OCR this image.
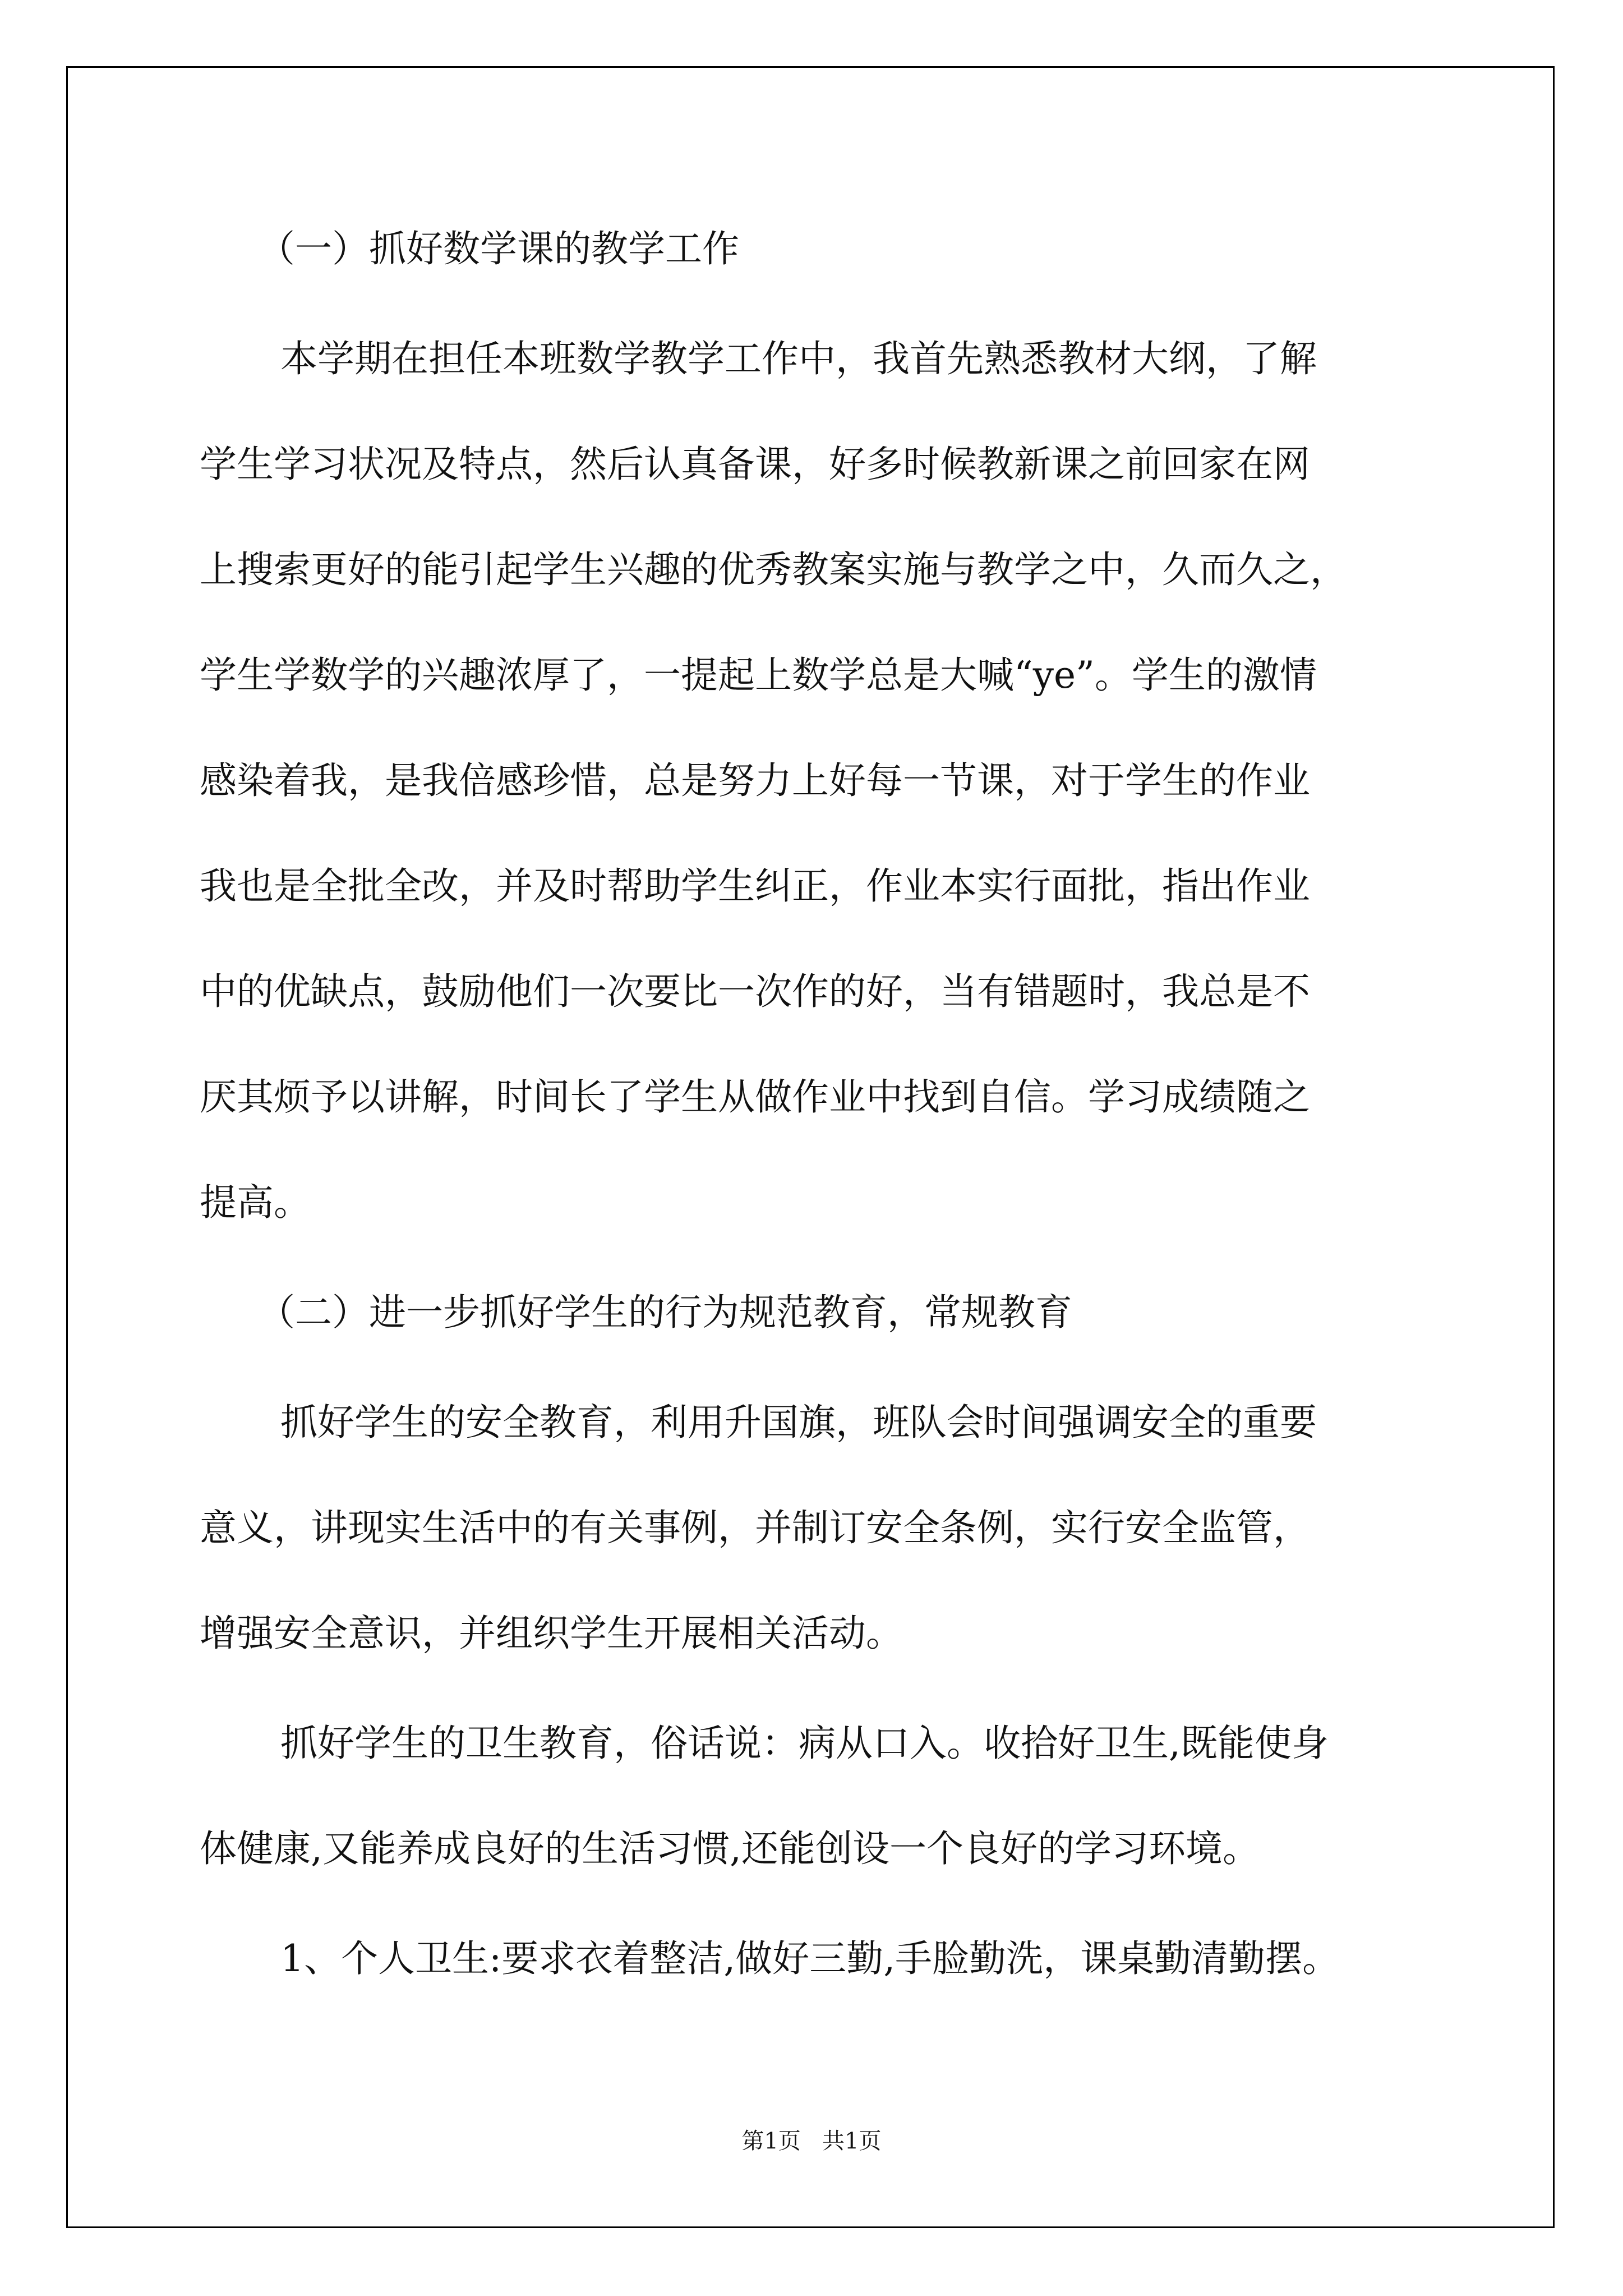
（一）抓好数学课的教学工作

本学期在担任本班数学教学工作中，我首先熟悉教材大纲，了解

学生学习状况及特点，然后认真备课，好多时候教新课之前回家在网

上搜索更好的能引起学生兴趣的优秀教案实施与教学之中，久而久之，

学生学数学的兴趣浓厚了，一提起上数学总是大喊“ye”。学生的激情

感染着我，是我倍感珍惜，总是努力上好每一节课，对于学生的作业

我也是全批全改，并及时帮助学生纠正，作业本实行面批，指出作业

中的优缺点，鼓励他们一次要比一次作的好，当有错题时，我总是不

厌其烦予以讲解，时间长了学生从做作业中找到自信。学习成绩随之

提高。

（二）进一步抓好学生的行为规范教育，常规教育

抓好学生的安全教育，利用升国旗，班队会时间强调安全的重要

意义，讲现实生活中的有关事例，并制订安全条例，实行安全监管，

增强安全意识，并组织学生开展相关活动。

抓好学生的卫生教育，俗话说：病从口入。收拾好卫生,既能使身

体健康,又能养成良好的生活习惯,还能创设一个良好的学习环境。

1、个人卫生:要求衣着整洁,做好三勤,手脸勤洗，课桌勤清勤摆。

第1页   共1页
